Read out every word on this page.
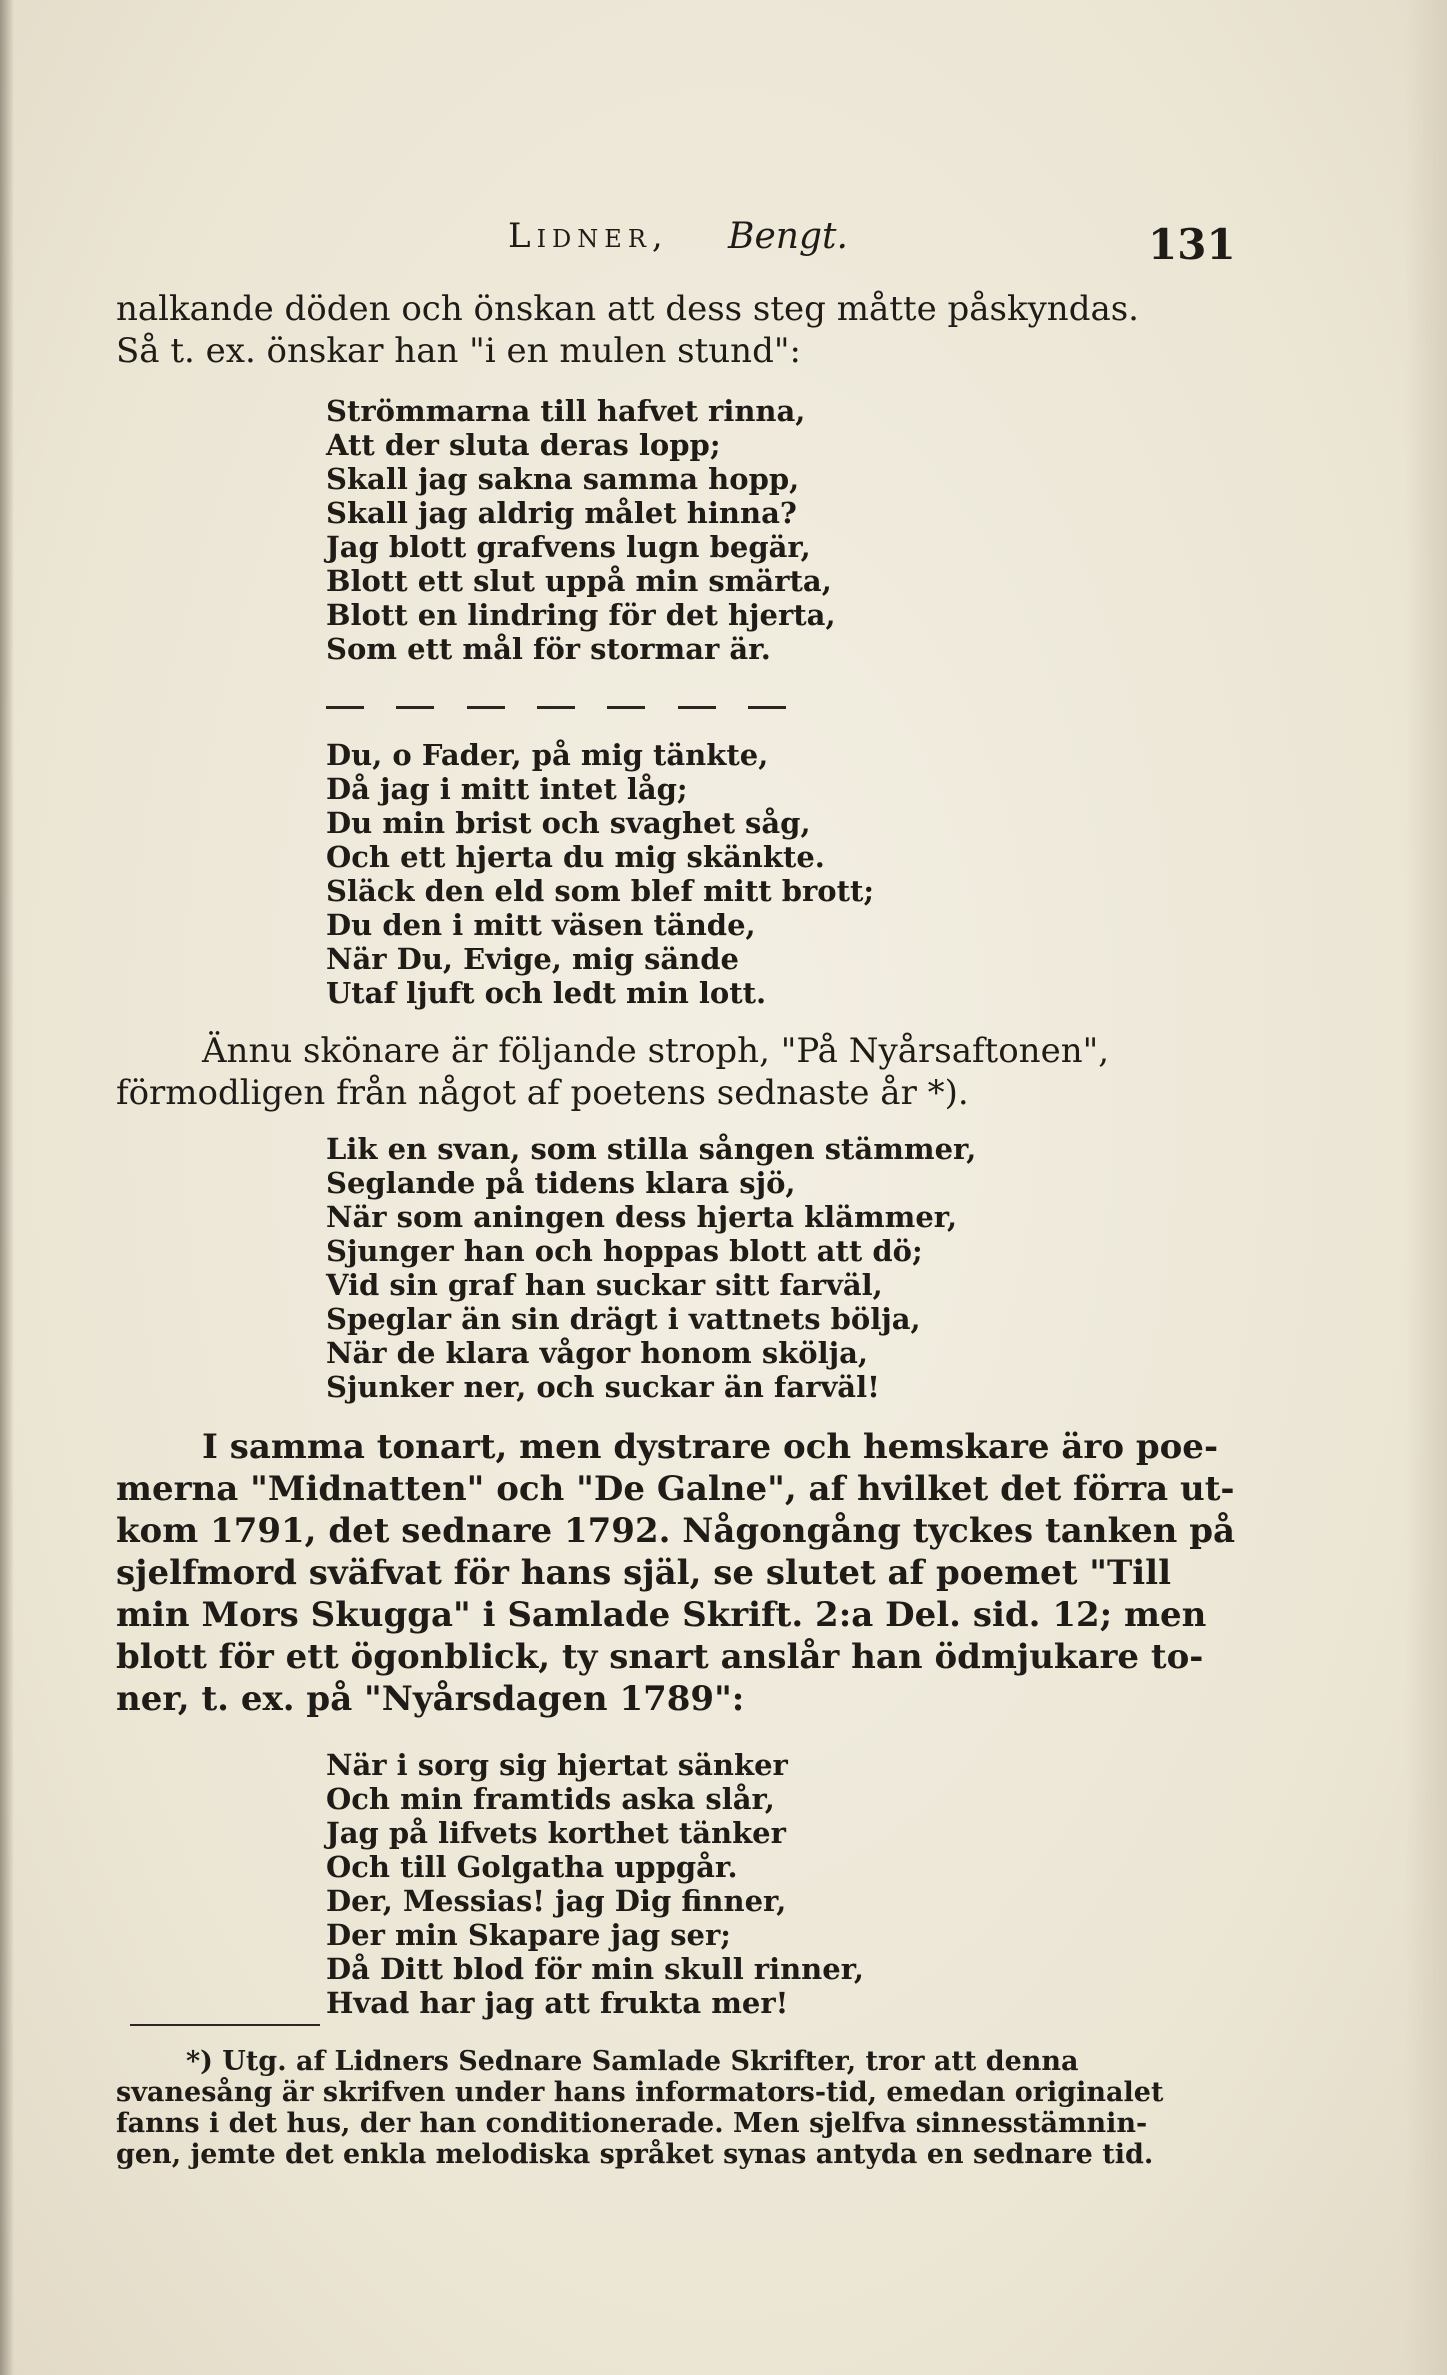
Lidner, Bengt.	131
nalkande döden och önskan att dess steg måtte påskyndas.
Så t. ex. önskar han "i en mulen stund":
Strömmarna till hafvet rinna,
Att der sluta deras lopp;
Skall jag sakna samma hopp,
Skall jag aldrig målet hinna?
Jag blott grafvens lugn begär,
Blott ett slut uppå min smärta,
Blott en lindring för det hjerta,
Som ett mål för stormar är.
Du, o Fader, på mig tänkte,
Då jag i mitt intet låg;
Du min brist och svaghet såg,
Och ett hjerta du mig skänkte.
Släck den eld som blef mitt brott;
Du den i mitt väsen tände,
När Du, Evige, mig sände
Utaf ljuft och ledt min lott.
Ännu skönare är följande stroph, "På Nyårsaftonen",
förmodligen från något af poetens sednaste år *).
Lik en svan, som stilla sången stämmer,
Seglande på tidens klara sjö,
När som aningen dess hjerta klämmer,
Sjunger han och hoppas blott att dö;
Vid sin graf han suckar sitt farväl,
Speglar än sin drägt i vattnets bölja,
När de klara vågor honom skölja,
Sjunker ner, och suckar än farväl!
I samma tonart, men dystrare och hemskare äro poe-
merna "Midnatten" och "De Galne", af hvilket det förra ut-
kom 1791, det sednare 1792. Någongång tyckes tanken på
sjelfmord sväfvat för hans själ, se slutet af poemet "Till
min Mors Skugga" i Samlade Skrift. 2:a Del. sid. 12; men
blott för ett ögonblick, ty snart anslår han ödmjukare to-
ner, t. ex. på "Nyårsdagen 1789":
När i sorg sig hjertat sänker
Och min framtids aska slår,
Jag på lifvets korthet tänker
Och till Golgatha uppgår.
Der, Messias! jag Dig finner,
Der min Skapare jag ser;
Då Ditt blod för min skull rinner,
Hvad har jag att frukta mer!
*) Utg. af Lidners Sednare Samlade Skrifter, tror att denna
svanesång är skrifven under hans informators-tid, emedan originalet
fanns i det hus, der han conditionerade. Men sjelfva sinnesstämnin-
gen, jemte det enkla melodiska språket synas antyda en sednare tid.
